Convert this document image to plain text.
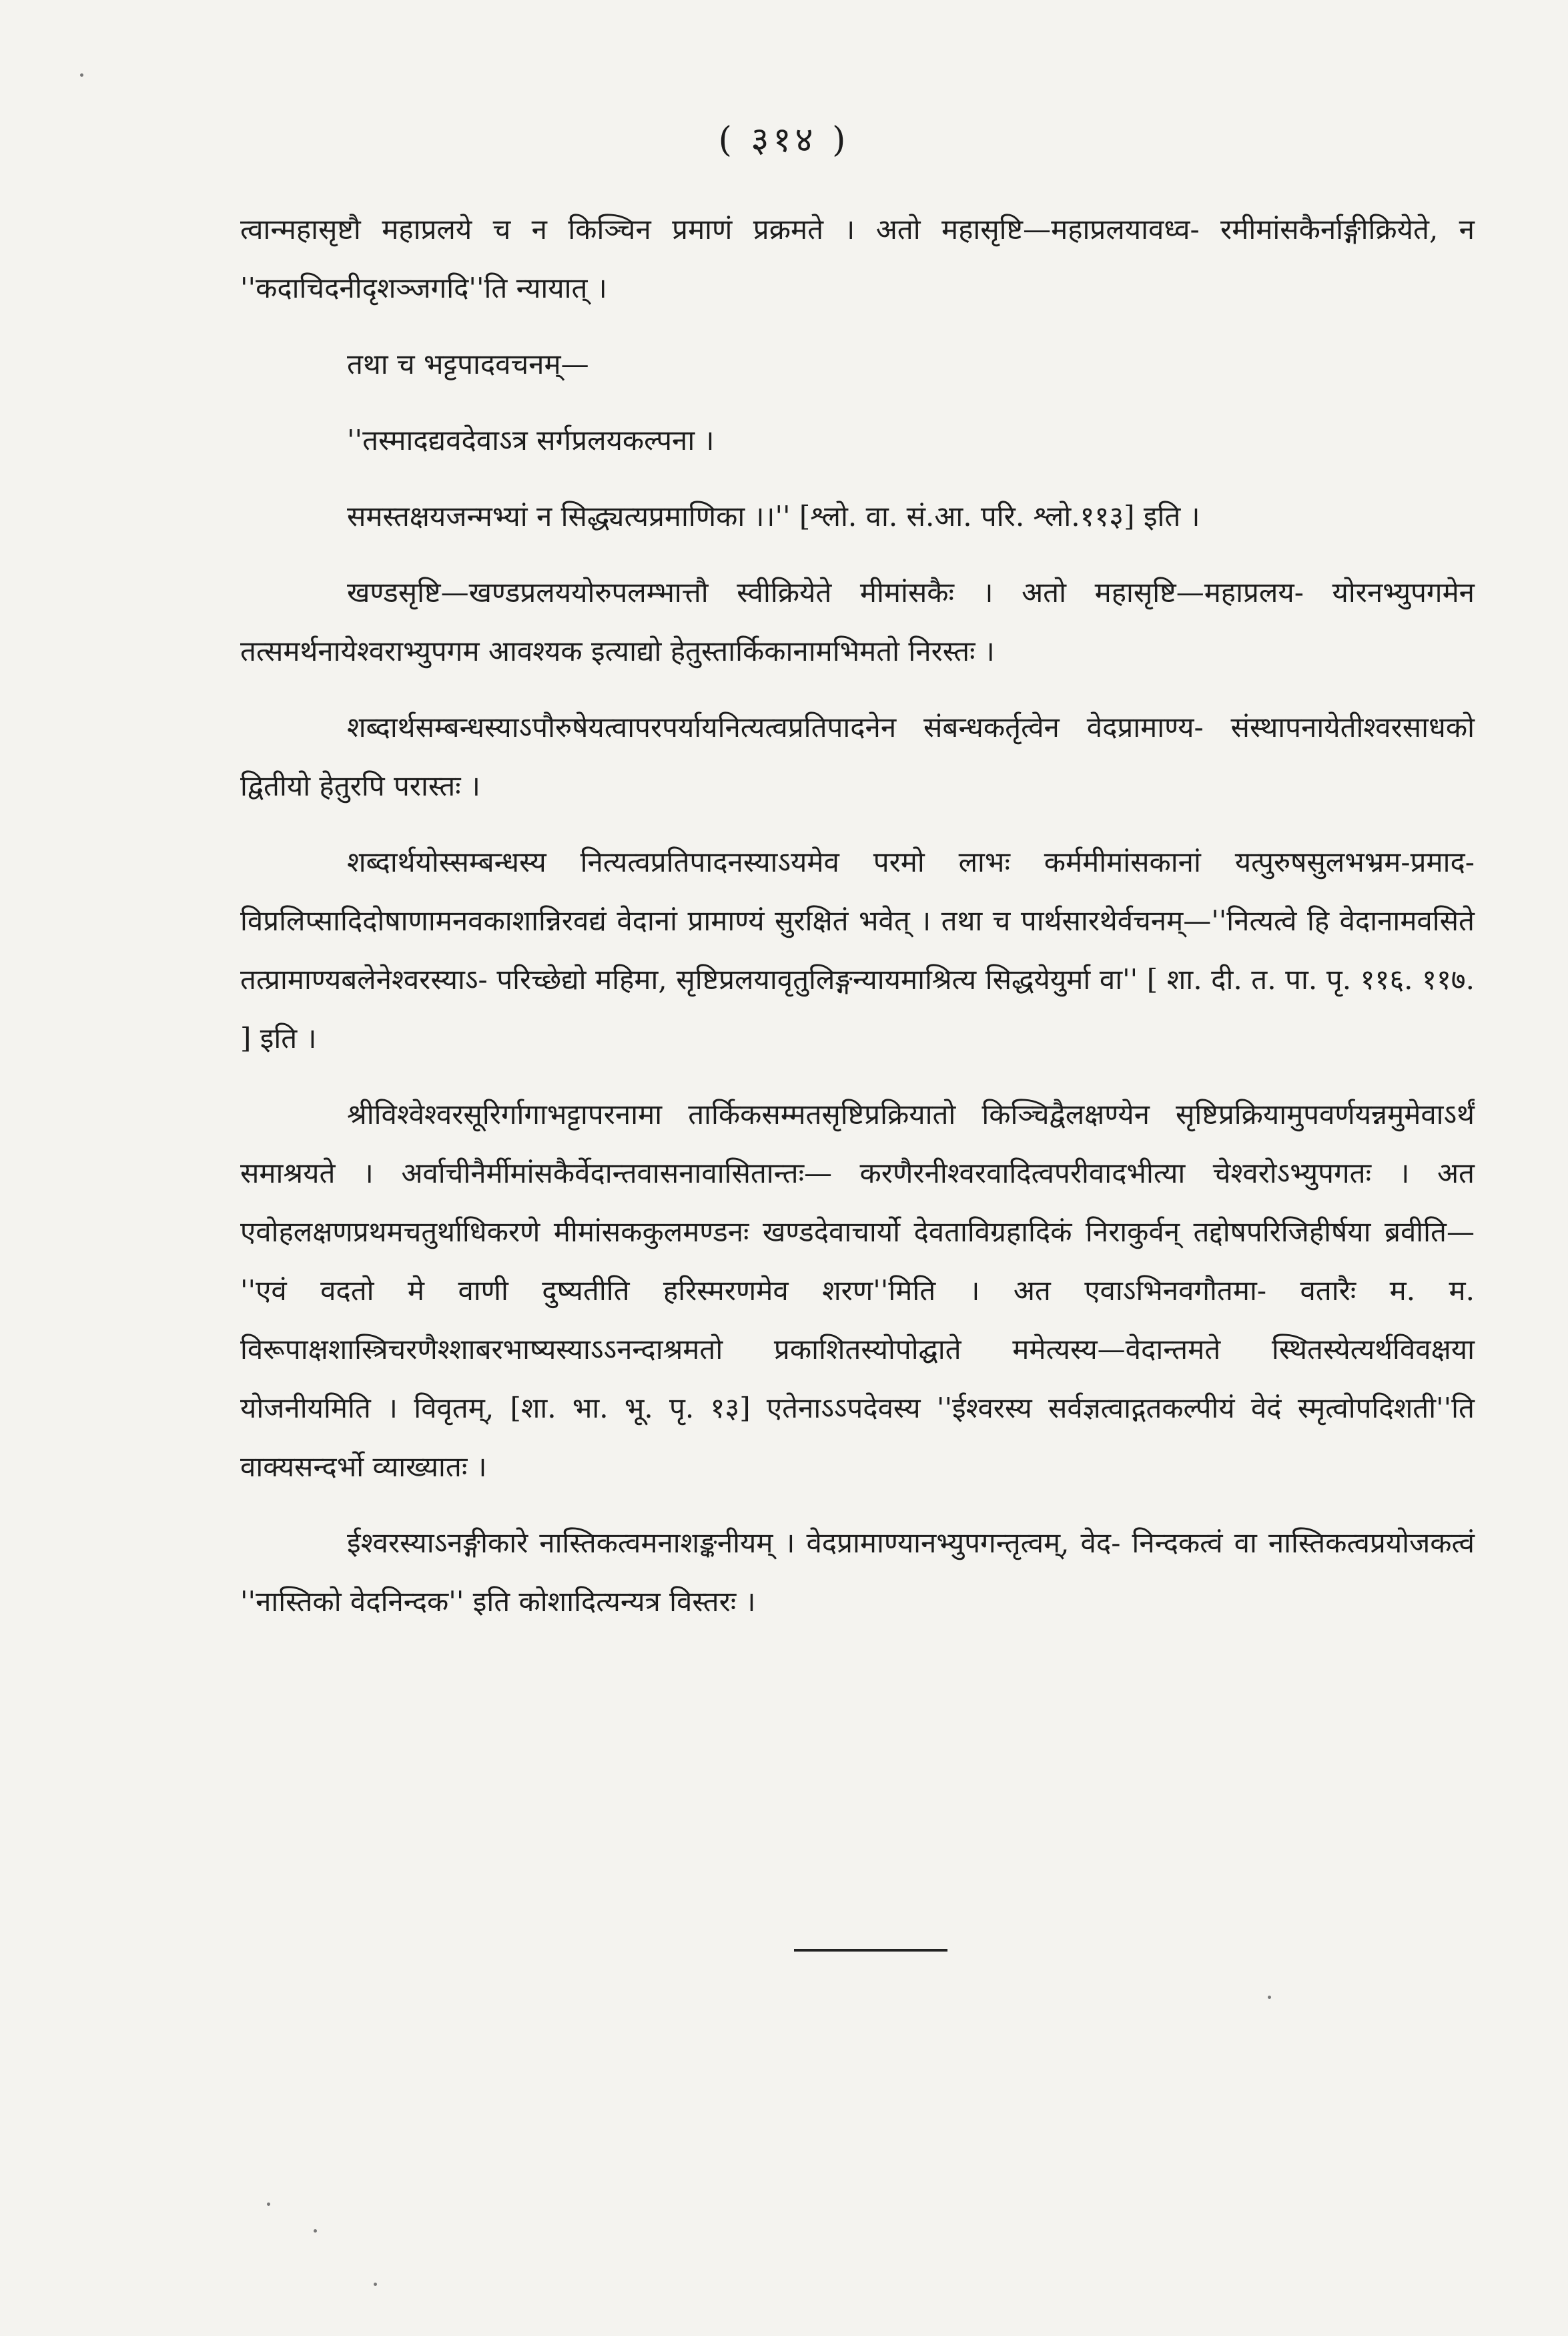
( ३१४ )

त्वान्महासृष्टौ महाप्रलये च न किञ्चिन प्रमाणं प्रक्रमते । अतो महासृष्टि—महाप्रलयावध्व- रमीमांसकैर्नाङ्गीक्रियेते, न ''कदाचिदनीदृशञ्जगदि''ति न्यायात् ।

तथा च भट्टपादवचनम्—

''तस्मादद्यवदेवाऽत्र सर्गप्रलयकल्पना ।

समस्तक्षयजन्मभ्यां न सिद्ध्यत्यप्रमाणिका ।।'' [श्लो. वा. सं.आ. परि. श्लो.११३] इति ।

खण्डसृष्टि—खण्डप्रलययोरुपलम्भात्तौ स्वीक्रियेते मीमांसकैः । अतो महासृष्टि—महाप्रलय- योरनभ्युपगमेन तत्समर्थनायेश्वराभ्युपगम आवश्यक इत्याद्यो हेतुस्तार्किकानामभिमतो निरस्तः ।

शब्दार्थसम्बन्धस्याऽपौरुषेयत्वापरपर्यायनित्यत्वप्रतिपादनेन संबन्धकर्तृत्वेन वेदप्रामाण्य- संस्थापनायेतीश्वरसाधको द्वितीयो हेतुरपि परास्तः ।

शब्दार्थयोस्सम्बन्धस्य नित्यत्वप्रतिपादनस्याऽयमेव परमो लाभः कर्ममीमांसकानां यत्पुरुषसुलभभ्रम-प्रमाद-विप्रलिप्सादिदोषाणामनवकाशान्निरवद्यं वेदानां प्रामाण्यं सुरक्षितं भवेत् । तथा च पार्थसारथेर्वचनम्—''नित्यत्वे हि वेदानामवसिते तत्प्रामाण्यबलेनेश्वरस्याऽ- परिच्छेद्यो महिमा, सृष्टिप्रलयावृतुलिङ्गन्यायमाश्रित्य सिद्धयेयुर्मा वा'' [ शा. दी. त. पा. पृ. ११६. ११७. ] इति ।

श्रीविश्वेश्वरसूरिर्गागाभट्टापरनामा तार्किकसम्मतसृष्टिप्रक्रियातो किञ्चिद्वैलक्षण्येन सृष्टिप्रक्रियामुपवर्णयन्नमुमेवाऽर्थं समाश्रयते । अर्वाचीनैर्मीमांसकैर्वेदान्तवासनावासितान्तः— करणैरनीश्वरवादित्वपरीवादभीत्या चेश्वरोऽभ्युपगतः । अत एवोहलक्षणप्रथमचतुर्थाधिकरणे मीमांसककुलमण्डनः खण्डदेवाचार्यो देवताविग्रहादिकं निराकुर्वन् तद्दोषपरिजिहीर्षया ब्रवीति— ''एवं वदतो मे वाणी दुष्यतीति हरिस्मरणमेव शरण''मिति । अत एवाऽभिनवगौतमा- वतारैः म. म. विरूपाक्षशास्त्रिचरणैश्शाबरभाष्यस्याऽऽनन्दाश्रमतो प्रकाशितस्योपोद्घाते ममेत्यस्य—वेदान्तमते स्थितस्येत्यर्थविवक्षया योजनीयमिति । विवृतम्, [शा. भा. भू. पृ. १३] एतेनाऽऽपदेवस्य ''ईश्वरस्य सर्वज्ञत्वाद्गतकल्पीयं वेदं स्मृत्वोपदिशती''ति वाक्यसन्दर्भो व्याख्यातः ।

ईश्वरस्याऽनङ्गीकारे नास्तिकत्वमनाशङ्कनीयम् । वेदप्रामाण्यानभ्युपगन्तृत्वम्, वेद- निन्दकत्वं वा नास्तिकत्वप्रयोजकत्वं ''नास्तिको वेदनिन्दक'' इति कोशादित्यन्यत्र विस्तरः ।
